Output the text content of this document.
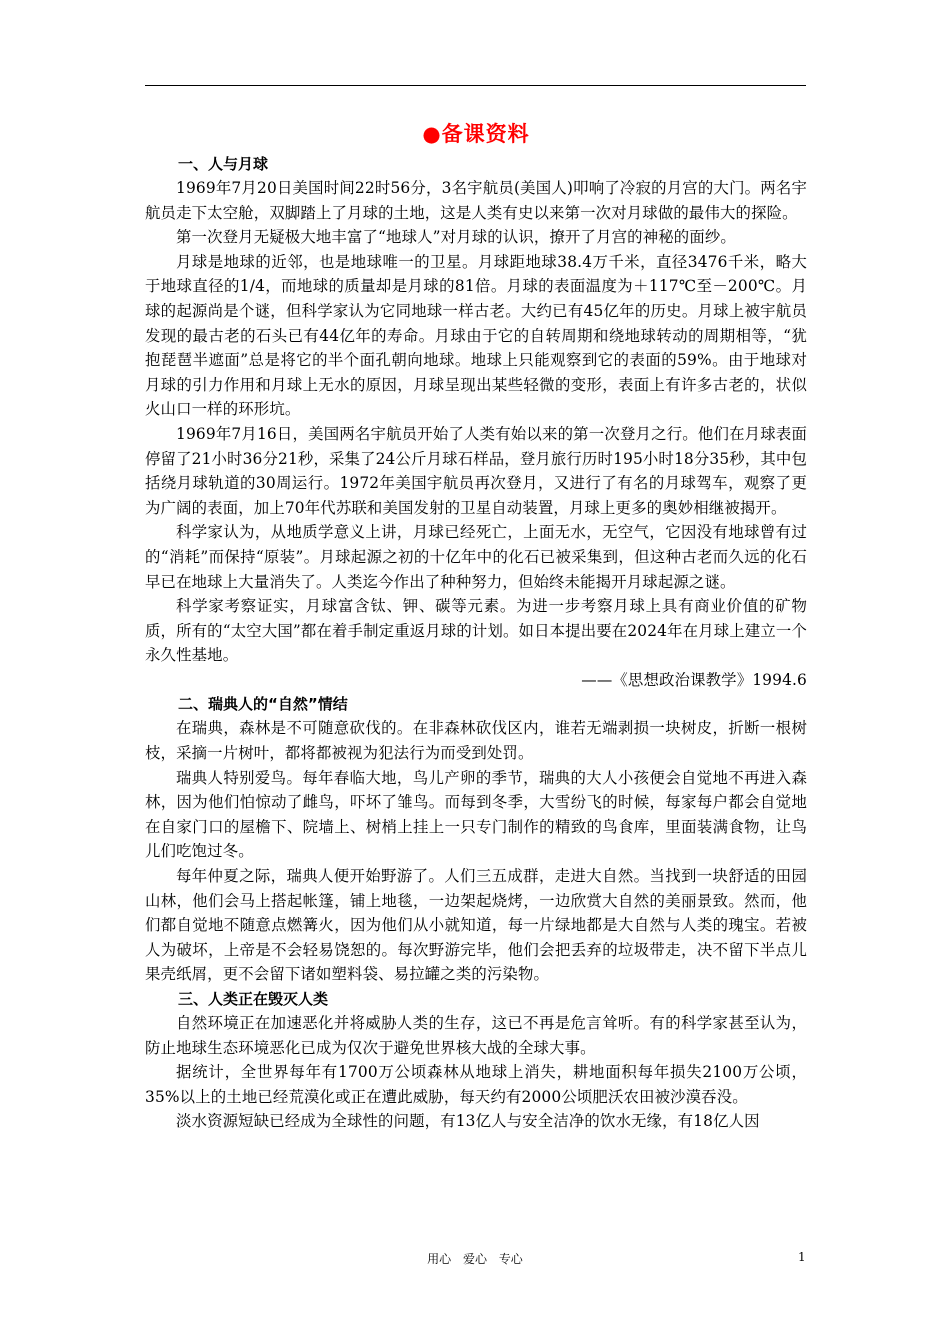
●备课资料
一、人与月球

1969年7月20日美国时间22时56分，3名宇航员(美国人)叩响了冷寂的月宫的大门。两名宇航员走下太空舱，双脚踏上了月球的土地，这是人类有史以来第一次对月球做的最伟大的探险。

第一次登月无疑极大地丰富了“地球人”对月球的认识，撩开了月宫的神秘的面纱。

月球是地球的近邻，也是地球唯一的卫星。月球距地球38.4万千米，直径3476千米，略大于地球直径的1/4，而地球的质量却是月球的81倍。月球的表面温度为＋117℃至－200℃。月球的起源尚是个谜，但科学家认为它同地球一样古老。大约已有45亿年的历史。月球上被宇航员发现的最古老的石头已有44亿年的寿命。月球由于它的自转周期和绕地球转动的周期相等，“犹抱琵琶半遮面”总是将它的半个面孔朝向地球。地球上只能观察到它的表面的59%。由于地球对月球的引力作用和月球上无水的原因，月球呈现出某些轻微的变形，表面上有许多古老的，状似火山口一样的环形坑。

1969年7月16日，美国两名宇航员开始了人类有始以来的第一次登月之行。他们在月球表面停留了21小时36分21秒，采集了24公斤月球石样品，登月旅行历时195小时18分35秒，其中包括绕月球轨道的30周运行。1972年美国宇航员再次登月，又进行了有名的月球驾车，观察了更为广阔的表面，加上70年代苏联和美国发射的卫星自动装置，月球上更多的奥妙相继被揭开。

科学家认为，从地质学意义上讲，月球已经死亡，上面无水，无空气，它因没有地球曾有过的“消耗”而保持“原装”。月球起源之初的十亿年中的化石已被采集到，但这种古老而久远的化石早已在地球上大量消失了。人类迄今作出了种种努力，但始终未能揭开月球起源之谜。

科学家考察证实，月球富含钛、钾、碳等元素。为进一步考察月球上具有商业价值的矿物质，所有的“太空大国”都在着手制定重返月球的计划。如日本提出要在2024年在月球上建立一个永久性基地。

——《思想政治课教学》1994.6

二、瑞典人的“自然”情结

在瑞典，森林是不可随意砍伐的。在非森林砍伐区内，谁若无端剥损一块树皮，折断一根树枝，采摘一片树叶，都将都被视为犯法行为而受到处罚。

瑞典人特别爱鸟。每年春临大地，鸟儿产卵的季节，瑞典的大人小孩便会自觉地不再进入森林，因为他们怕惊动了雌鸟，吓坏了雏鸟。而每到冬季，大雪纷飞的时候，每家每户都会自觉地在自家门口的屋檐下、院墙上、树梢上挂上一只专门制作的精致的鸟食库，里面装满食物，让鸟儿们吃饱过冬。

每年仲夏之际，瑞典人便开始野游了。人们三五成群，走进大自然。当找到一块舒适的田园山林，他们会马上搭起帐篷，铺上地毯，一边架起烧烤，一边欣赏大自然的美丽景致。然而，他们都自觉地不随意点燃篝火，因为他们从小就知道，每一片绿地都是大自然与人类的瑰宝。若被人为破坏，上帝是不会轻易饶恕的。每次野游完毕，他们会把丢弃的垃圾带走，决不留下半点儿果壳纸屑，更不会留下诸如塑料袋、易拉罐之类的污染物。

三、人类正在毁灭人类

自然环境正在加速恶化并将威胁人类的生存，这已不再是危言耸听。有的科学家甚至认为，防止地球生态环境恶化已成为仅次于避免世界核大战的全球大事。

据统计，全世界每年有1700万公顷森林从地球上消失，耕地面积每年损失2100万公顷，35%以上的土地已经荒漠化或正在遭此威胁，每天约有2000公顷肥沃农田被沙漠吞没。

淡水资源短缺已经成为全球性的问题，有13亿人与安全洁净的饮水无缘，有18亿人因

用心 爱心 专心	1
